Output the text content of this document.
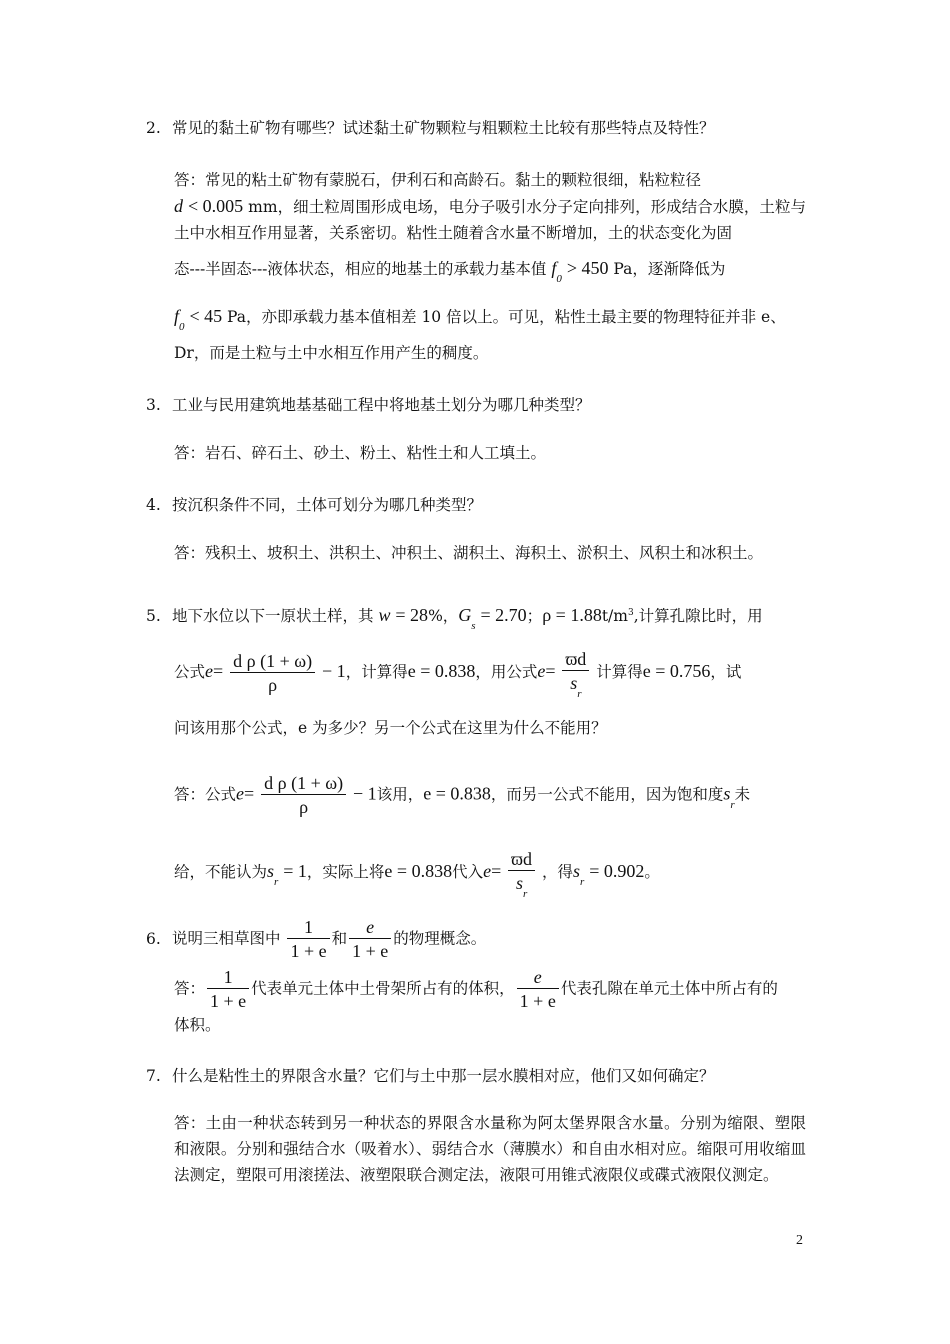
2. 常见的黏土矿物有哪些？试述黏土矿物颗粒与粗颗粒土比较有那些特点及特性？
答：常见的粘土矿物有蒙脱石，伊利石和高龄石。黏土的颗粒很细，粘粒粒径
d < 0.005 mm，细土粒周围形成电场，电分子吸引水分子定向排列，形成结合水膜，土粒与土中水相互作用显著，关系密切。粘性土随着含水量不断增加，土的状态变化为固
态---半固态---液体状态，相应的地基土的承载力基本值 $f_0 > 450$ Pa，逐渐降低为
$f_0 < 45$ Pa，亦即承载力基本值相差 10 倍以上。可见，粘性土最主要的物理特征并非 e、
Dr，而是土粒与土中水相互作用产生的稠度。
3. 工业与民用建筑地基基础工程中将地基土划分为哪几种类型？
答：岩石、碎石土、砂土、粉土、粘性土和人工填土。
4. 按沉积条件不同，土体可划分为哪几种类型？
答：残积土、坡积土、洪积土、冲积土、湖积土、海积土、淤积土、风积土和冰积土。
5. 地下水位以下一原状土样，其 w = 28%，$G_s = 2.70$；$\rho = 1.88t/m^3$,计算孔隙比时，用
公式$e= \frac{\text{d ρ (1 + ω)}}{\rho} - 1$，计算得e = 0.838，用公式$e= \frac{ϖd}{s_r}$ 计算得e = 0.756，试
问该用那个公式，e 为多少？另一个公式在这里为什么不能用？
答：公式$e= \frac{\text{d ρ (1 + ω)}}{\rho} - 1$该用，e = 0.838，而另一公式不能用，因为饱和度$s_r$未
给，不能认为$s_r = 1$，实际上将e = 0.838代入$e= \frac{ϖd}{s_r}$ ，得$s_r = 0.902$。
6. 说明三相草图中 $\frac{1}{1 + e}$ 和 $\frac{e}{1 + e}$ 的物理概念。
答： $\frac{1}{1 + e}$ 代表单元土体中土骨架所占有的体积， $\frac{e}{1 + e}$ 代表孔隙在单元土体中所占有的
体积。
7. 什么是粘性土的界限含水量？它们与土中那一层水膜相对应，他们又如何确定？
答：土由一种状态转到另一种状态的界限含水量称为阿太堡界限含水量。分别为缩限、塑限和液限。分别和强结合水（吸着水）、弱结合水（薄膜水）和自由水相对应。缩限可用收缩皿法测定，塑限可用滚搓法、液塑限联合测定法，液限可用锥式液限仪或碟式液限仪测定。
2
